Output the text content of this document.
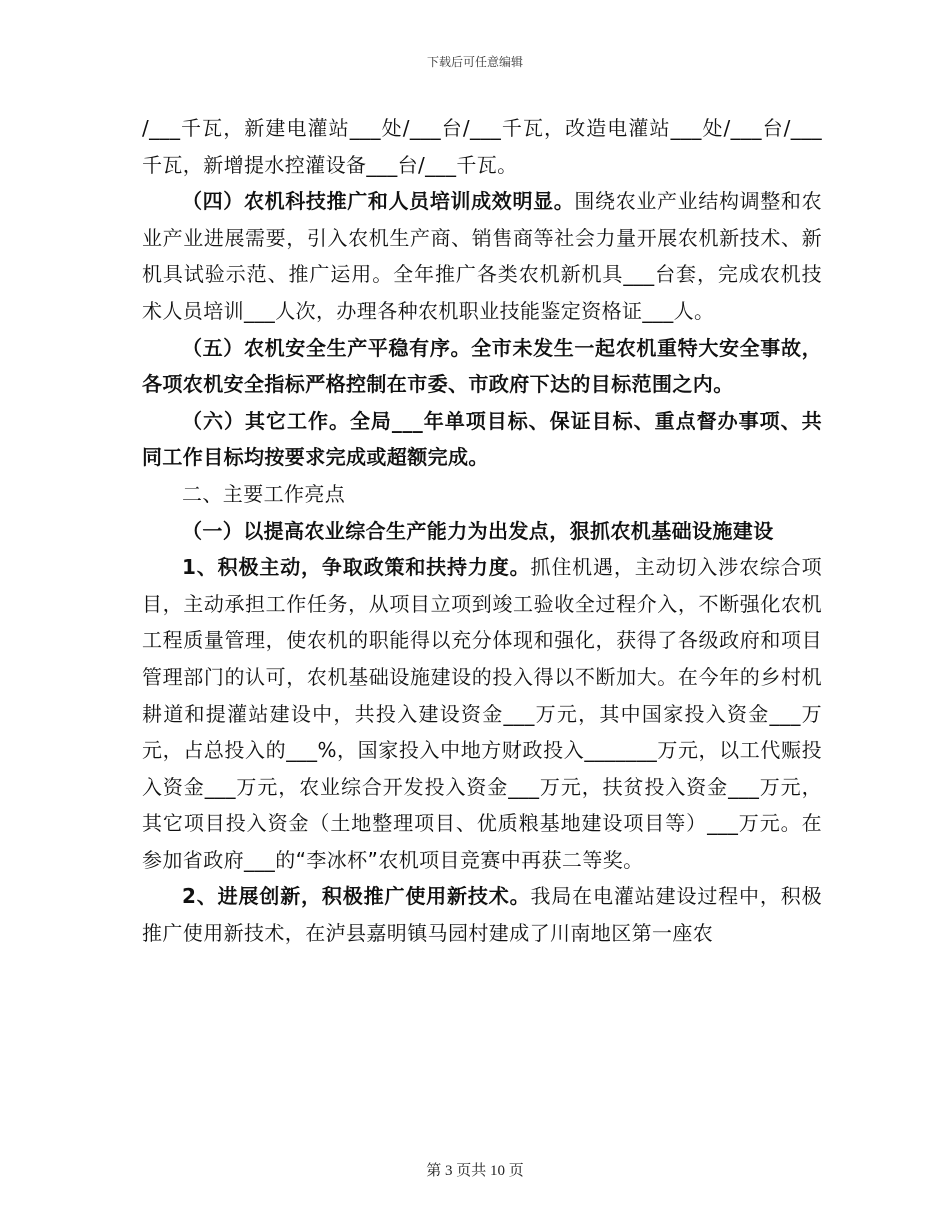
下载后可任意编辑

/___千瓦，新建电灌站___处/___台/___千瓦，改造电灌站___处/___台/___千瓦，新增提水控灌设备___台/___千瓦。

（四）农机科技推广和人员培训成效明显。围绕农业产业结构调整和农业产业进展需要，引入农机生产商、销售商等社会力量开展农机新技术、新机具试验示范、推广运用。全年推广各类农机新机具___台套，完成农机技术人员培训___人次，办理各种农机职业技能鉴定资格证___人。

（五）农机安全生产平稳有序。全市未发生一起农机重特大安全事故，各项农机安全指标严格控制在市委、市政府下达的目标范围之内。

（六）其它工作。全局___年单项目标、保证目标、重点督办事项、共同工作目标均按要求完成或超额完成。

二、主要工作亮点

（一）以提高农业综合生产能力为出发点，狠抓农机基础设施建设

1、积极主动，争取政策和扶持力度。抓住机遇，主动切入涉农综合项目，主动承担工作任务，从项目立项到竣工验收全过程介入，不断强化农机工程质量管理，使农机的职能得以充分体现和强化，获得了各级政府和项目管理部门的认可，农机基础设施建设的投入得以不断加大。在今年的乡村机耕道和提灌站建设中，共投入建设资金___万元，其中国家投入资金___万元，占总投入的___%，国家投入中地方财政投入_______万元，以工代赈投入资金___万元，农业综合开发投入资金___万元，扶贫投入资金___万元，其它项目投入资金（土地整理项目、优质粮基地建设项目等）___万元。在参加省政府___的“李冰杯”农机项目竞赛中再获二等奖。

2、进展创新，积极推广使用新技术。我局在电灌站建设过程中，积极推广使用新技术，在泸县嘉明镇马园村建成了川南地区第一座农

第 3 页共 10 页
